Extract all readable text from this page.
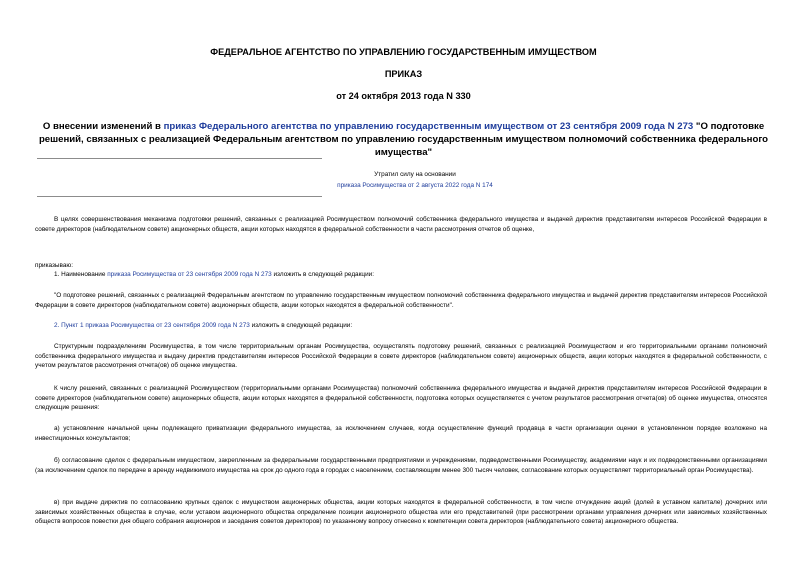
ФЕДЕРАЛЬНОЕ АГЕНТСТВО ПО УПРАВЛЕНИЮ ГОСУДАРСТВЕННЫМ ИМУЩЕСТВОМ
ПРИКАЗ
от 24 октября 2013 года N 330
О внесении изменений в приказ Федерального агентства по управлению государственным имуществом от 23 сентября 2009 года N 273 "О подготовке решений, связанных с реализацией Федеральным агентством по управлению государственным имуществом полномочий собственника федерального имущества"
Утратил силу на основании
приказа Росимущества от 2 августа 2022 года N 174
В целях совершенствования механизма подготовки решений, связанных с реализацией Росимуществом полномочий собственника федерального имущества и выдачей директив представителям интересов Российской Федерации в совете директоров (наблюдательном совете) акционерных обществ, акции которых находятся в федеральной собственности в части рассмотрения отчетов об оценке,
приказываю:
1. Наименование приказа Росимущества от 23 сентября 2009 года N 273 изложить в следующей редакции:
"О подготовке решений, связанных с реализацией Федеральным агентством по управлению государственным имуществом полномочий собственника федерального имущества и выдачей директив представителям интересов Российской Федерации в совете директоров (наблюдательном совете) акционерных обществ, акции которых находятся в федеральной собственности".
2. Пункт 1 приказа Росимущества от 23 сентября 2009 года N 273 изложить в следующей редакции:
Структурным подразделениям Росимущества, в том числе территориальным органам Росимущества, осуществлять подготовку решений, связанных с реализацией Росимуществом и его территориальными органами полномочий собственника федерального имущества и выдачу директив представителям интересов Российской Федерации в совете директоров (наблюдательном совете) акционерных обществ, акции которых находятся в федеральной собственности, с учетом результатов рассмотрения отчета(ов) об оценке имущества.
К числу решений, связанных с реализацией Росимуществом (территориальными органами Росимущества) полномочий собственника федерального имущества и выдачей директив представителям интересов Российской Федерации в совете директоров (наблюдательном совете) акционерных обществ, акции которых находятся в федеральной собственности, подготовка которых осуществляется с учетом результатов рассмотрения отчета(ов) об оценке имущества, относятся следующие решения:
а) установление начальной цены подлежащего приватизации федерального имущества, за исключением случаев, когда осуществление функций продавца в части организации оценки в установленном порядке возложено на инвестиционных консультантов;
б) согласование сделок с федеральным имуществом, закрепленным за федеральными государственными предприятиями и учреждениями, подведомственными Росимуществу, академиями наук и их подведомственными организациями (за исключением сделок по передаче в аренду недвижимого имущества на срок до одного года в городах с населением, составляющим менее 300 тысяч человек, согласование которых осуществляет территориальный орган Росимущества).
в) при выдаче директив по согласованию крупных сделок с имуществом акционерных общества, акции которых находятся в федеральной собственности, в том числе отчуждение акций (долей в уставном капитале) дочерних или зависимых хозяйственных общества в случае, если уставом акционерного общества определение позиции акционерного общества или его представителей (при рассмотрении органами управления дочерних или зависимых хозяйственных обществ вопросов повестки дня общего собрания акционеров и заседания советов директоров) по указанному вопросу отнесено к компетенции совета директоров (наблюдательного совета) акционерного общества.
